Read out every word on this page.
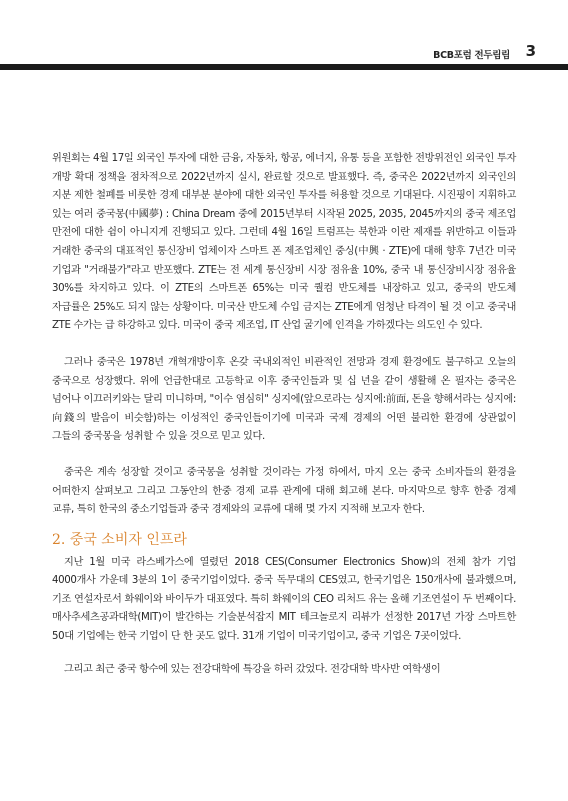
BCB포럼 전두림림 3

위원회는 4월 17일 외국인 투자에 대한 금융, 자동차, 항공, 에너지, 유통 등을 포함한 전방위전인 외국인 투자 개방 확대 정책을 점차적으로 2022년까지 실시, 완료할 것으로 발표했다. 즉, 중국은 2022년까지 외국인의 지분 제한 철폐를 비롯한 경제 대부분 분야에 대한 외국인 투자를 허용할 것으로 기대된다. 시진핑이 지휘하고 있는 여러 중국몽(中國夢) : China Dream 중에 2015년부터 시작된 2025, 2035, 2045까지의 중국 제조업 만전에 대한 쉼이 아니지게 진행되고 있다. 그런데 4월 16일 트럼프는 북한과 이란 제재를 위반하고 이들과 거래한 중국의 대표적인 통신장비 업체이자 스마트 폰 제조업체인 중싱(中興 · ZTE)에 대해 향후 7년간 미국 기업과 "거래불가"라고 반포했다. ZTE는 전 세계 통신장비 시장 점유율 10%, 중국 내 통신장비시장 점유율 30%를 차지하고 있다. 이 ZTE의 스마트폰 65%는 미국 퀄컴 반도체를 내장하고 있고, 중국의 반도체 자급률은 25%도 되지 않는 상황이다. 미국산 반도체 수입 금지는 ZTE에게 엄청난 타격이 될 것 이고 중국내 ZTE 수가는 급 하강하고 있다. 미국이 중국 제조업, IT 산업 굴기에 인격을 가하겠다는 의도인 수 있다.

그러나 중국은 1978년 개혁개방이후 온갖 국내외적인 비관적인 전망과 경제 환경에도 불구하고 오늘의 중국으로 성장했다. 위에 언급한대로 고등학교 이후 중국인들과 및 십 년을 같이 생활해 온 필자는 중국은 넘어나 이끄러키와는 달리 미니하며, "이수 염심히" 싱지에(앞으로라는 싱지에:前面, 돈을 향해서라는 싱지에:向錢의 발음이 비슷함)하는 이성적인 중국인들이기에 미국과 국제 경제의 어떤 불리한 환경에 상관없이 그들의 중국몽을 성취할 수 있을 것으로 믿고 있다.

중국은 계속 성장할 것이고 중국몽을 성취할 것이라는 가정 하에서, 마지 오는 중국 소비자들의 환경을 어떠한지 살펴보고 그리고 그동안의 한중 경제 교류 관계에 대해 회고해 본다. 마지막으로 향후 한중 경제 교류, 특히 한국의 중소기업들과 중국 경제와의 교류에 대해 몇 가지 지적해 보고자 한다.

2. 중국 소비자 인프라

지난 1월 미국 라스베가스에 열렸던 2018 CES(Consumer Electronics Show)의 전체 참가 기업 4000개사 가운데 3분의 1이 중국기업이었다. 중국 독무대의 CES였고, 한국기업은 150개사에 불과했으며, 기조 연설자로서 화웨이와 바이두가 대표였다. 특히 화웨이의 CEO 리처드 유는 올해 기조연설이 두 번째이다. 매사추세츠공과대학(MIT)이 발간하는 기술분석잡지 MIT 테크놀로지 리뷰가 선정한 2017년 가장 스마트한 50대 기업에는 한국 기업이 단 한 곳도 없다. 31개 기업이 미국기업이고, 중국 기업은 7곳이었다.

그리고 최근 중국 항수에 있는 전강대학에 특강을 하러 갔었다. 전강대학 박사반 여학생이
